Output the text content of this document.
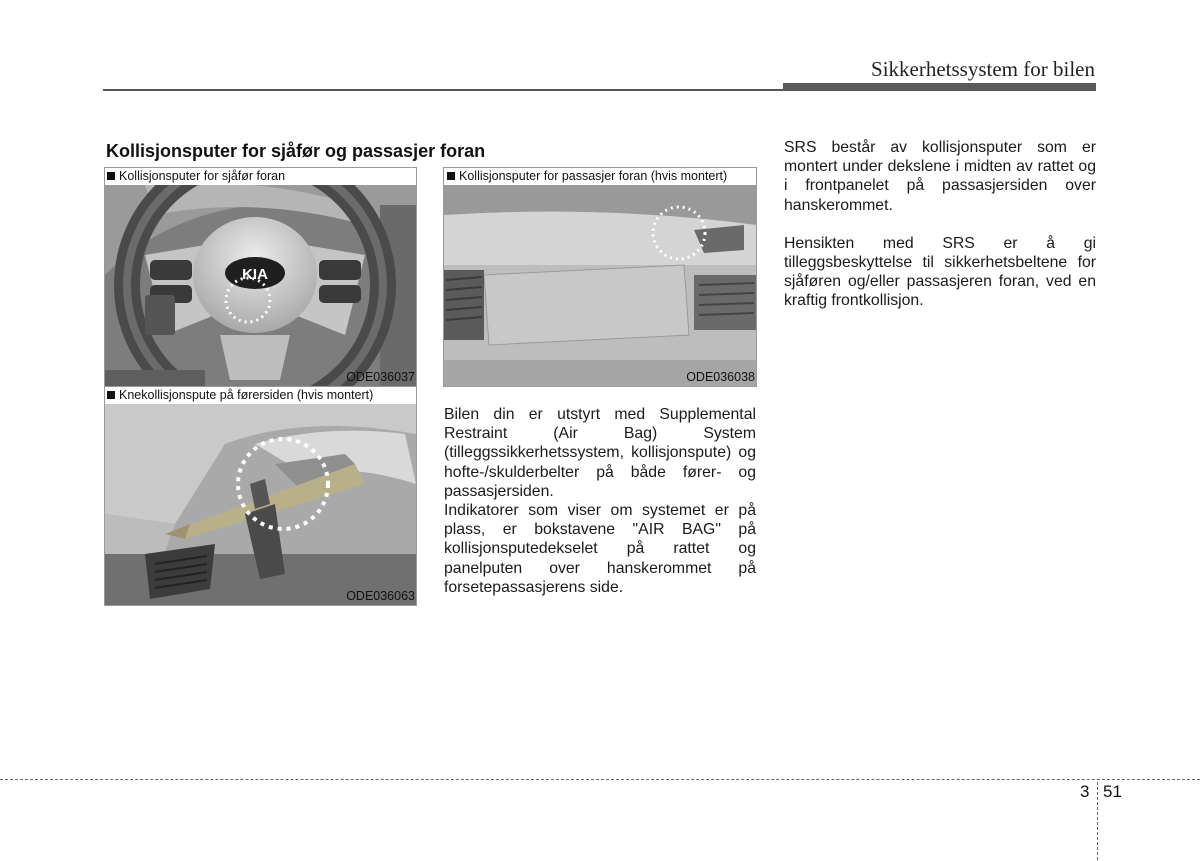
Sikkerhetssystem for bilen
Kollisjonsputer for sjåfør og passasjer foran
Kollisjonsputer for sjåfør foran
KIA
ODE036037
Knekollisjonspute på førersiden (hvis montert)
ODE036063
Kollisjonsputer for passasjer foran (hvis montert)
ODE036038

Bilen din er utstyrt med Supplemental Restraint (Air Bag) System (tilleggssikkerhetssystem, kollisjonspute) og hofte-/skulderbelter på både fører- og passasjersiden.

Indikatorer som viser om systemet er på plass, er bokstavene "AIR BAG" på kollisjonsputedekselet på rattet og panelputen over hanskerommet på forsetepassasjerens side.

SRS består av kollisjonsputer som er montert under dekslene i midten av rattet og i frontpanelet på passasjersiden over hanskerommet.

Hensikten med SRS er å gi tilleggsbeskyttelse til sikkerhetsbeltene for sjåføren og/eller passasjeren foran, ved en kraftig frontkollisjon.

3 51
